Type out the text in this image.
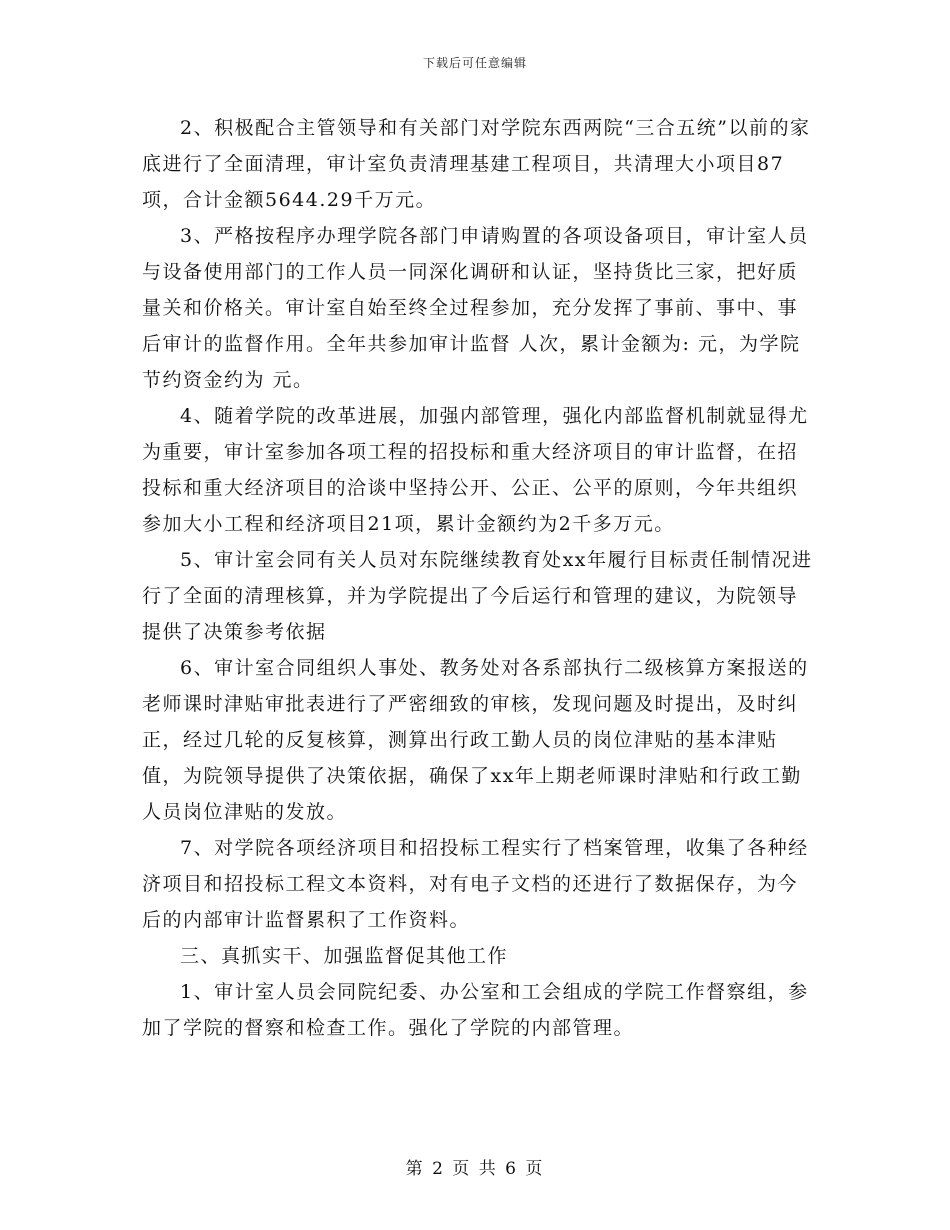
下载后可任意编辑

2、积极配合主管领导和有关部门对学院东西两院“三合五统”以前的家底进行了全面清理，审计室负责清理基建工程项目，共清理大小项目87项，合计金额5644.29千万元。

3、严格按程序办理学院各部门申请购置的各项设备项目，审计室人员与设备使用部门的工作人员一同深化调研和认证，坚持货比三家，把好质量关和价格关。审计室自始至终全过程参加，充分发挥了事前、事中、事后审计的监督作用。全年共参加审计监督 人次，累计金额为: 元，为学院节约资金约为 元。

4、随着学院的改革进展，加强内部管理，强化内部监督机制就显得尤为重要，审计室参加各项工程的招投标和重大经济项目的审计监督，在招投标和重大经济项目的洽谈中坚持公开、公正、公平的原则，今年共组织参加大小工程和经济项目21项，累计金额约为2千多万元。

5、审计室会同有关人员对东院继续教育处xx年履行目标责任制情况进行了全面的清理核算，并为学院提出了今后运行和管理的建议，为院领导提供了决策参考依据

6、审计室合同组织人事处、教务处对各系部执行二级核算方案报送的老师课时津贴审批表进行了严密细致的审核，发现问题及时提出，及时纠正，经过几轮的反复核算，测算出行政工勤人员的岗位津贴的基本津贴值，为院领导提供了决策依据，确保了xx年上期老师课时津贴和行政工勤人员岗位津贴的发放。

7、对学院各项经济项目和招投标工程实行了档案管理，收集了各种经济项目和招投标工程文本资料，对有电子文档的还进行了数据保存，为今后的内部审计监督累积了工作资料。

三、真抓实干、加强监督促其他工作

1、审计室人员会同院纪委、办公室和工会组成的学院工作督察组，参加了学院的督察和检查工作。强化了学院的内部管理。

第 2 页 共 6 页
